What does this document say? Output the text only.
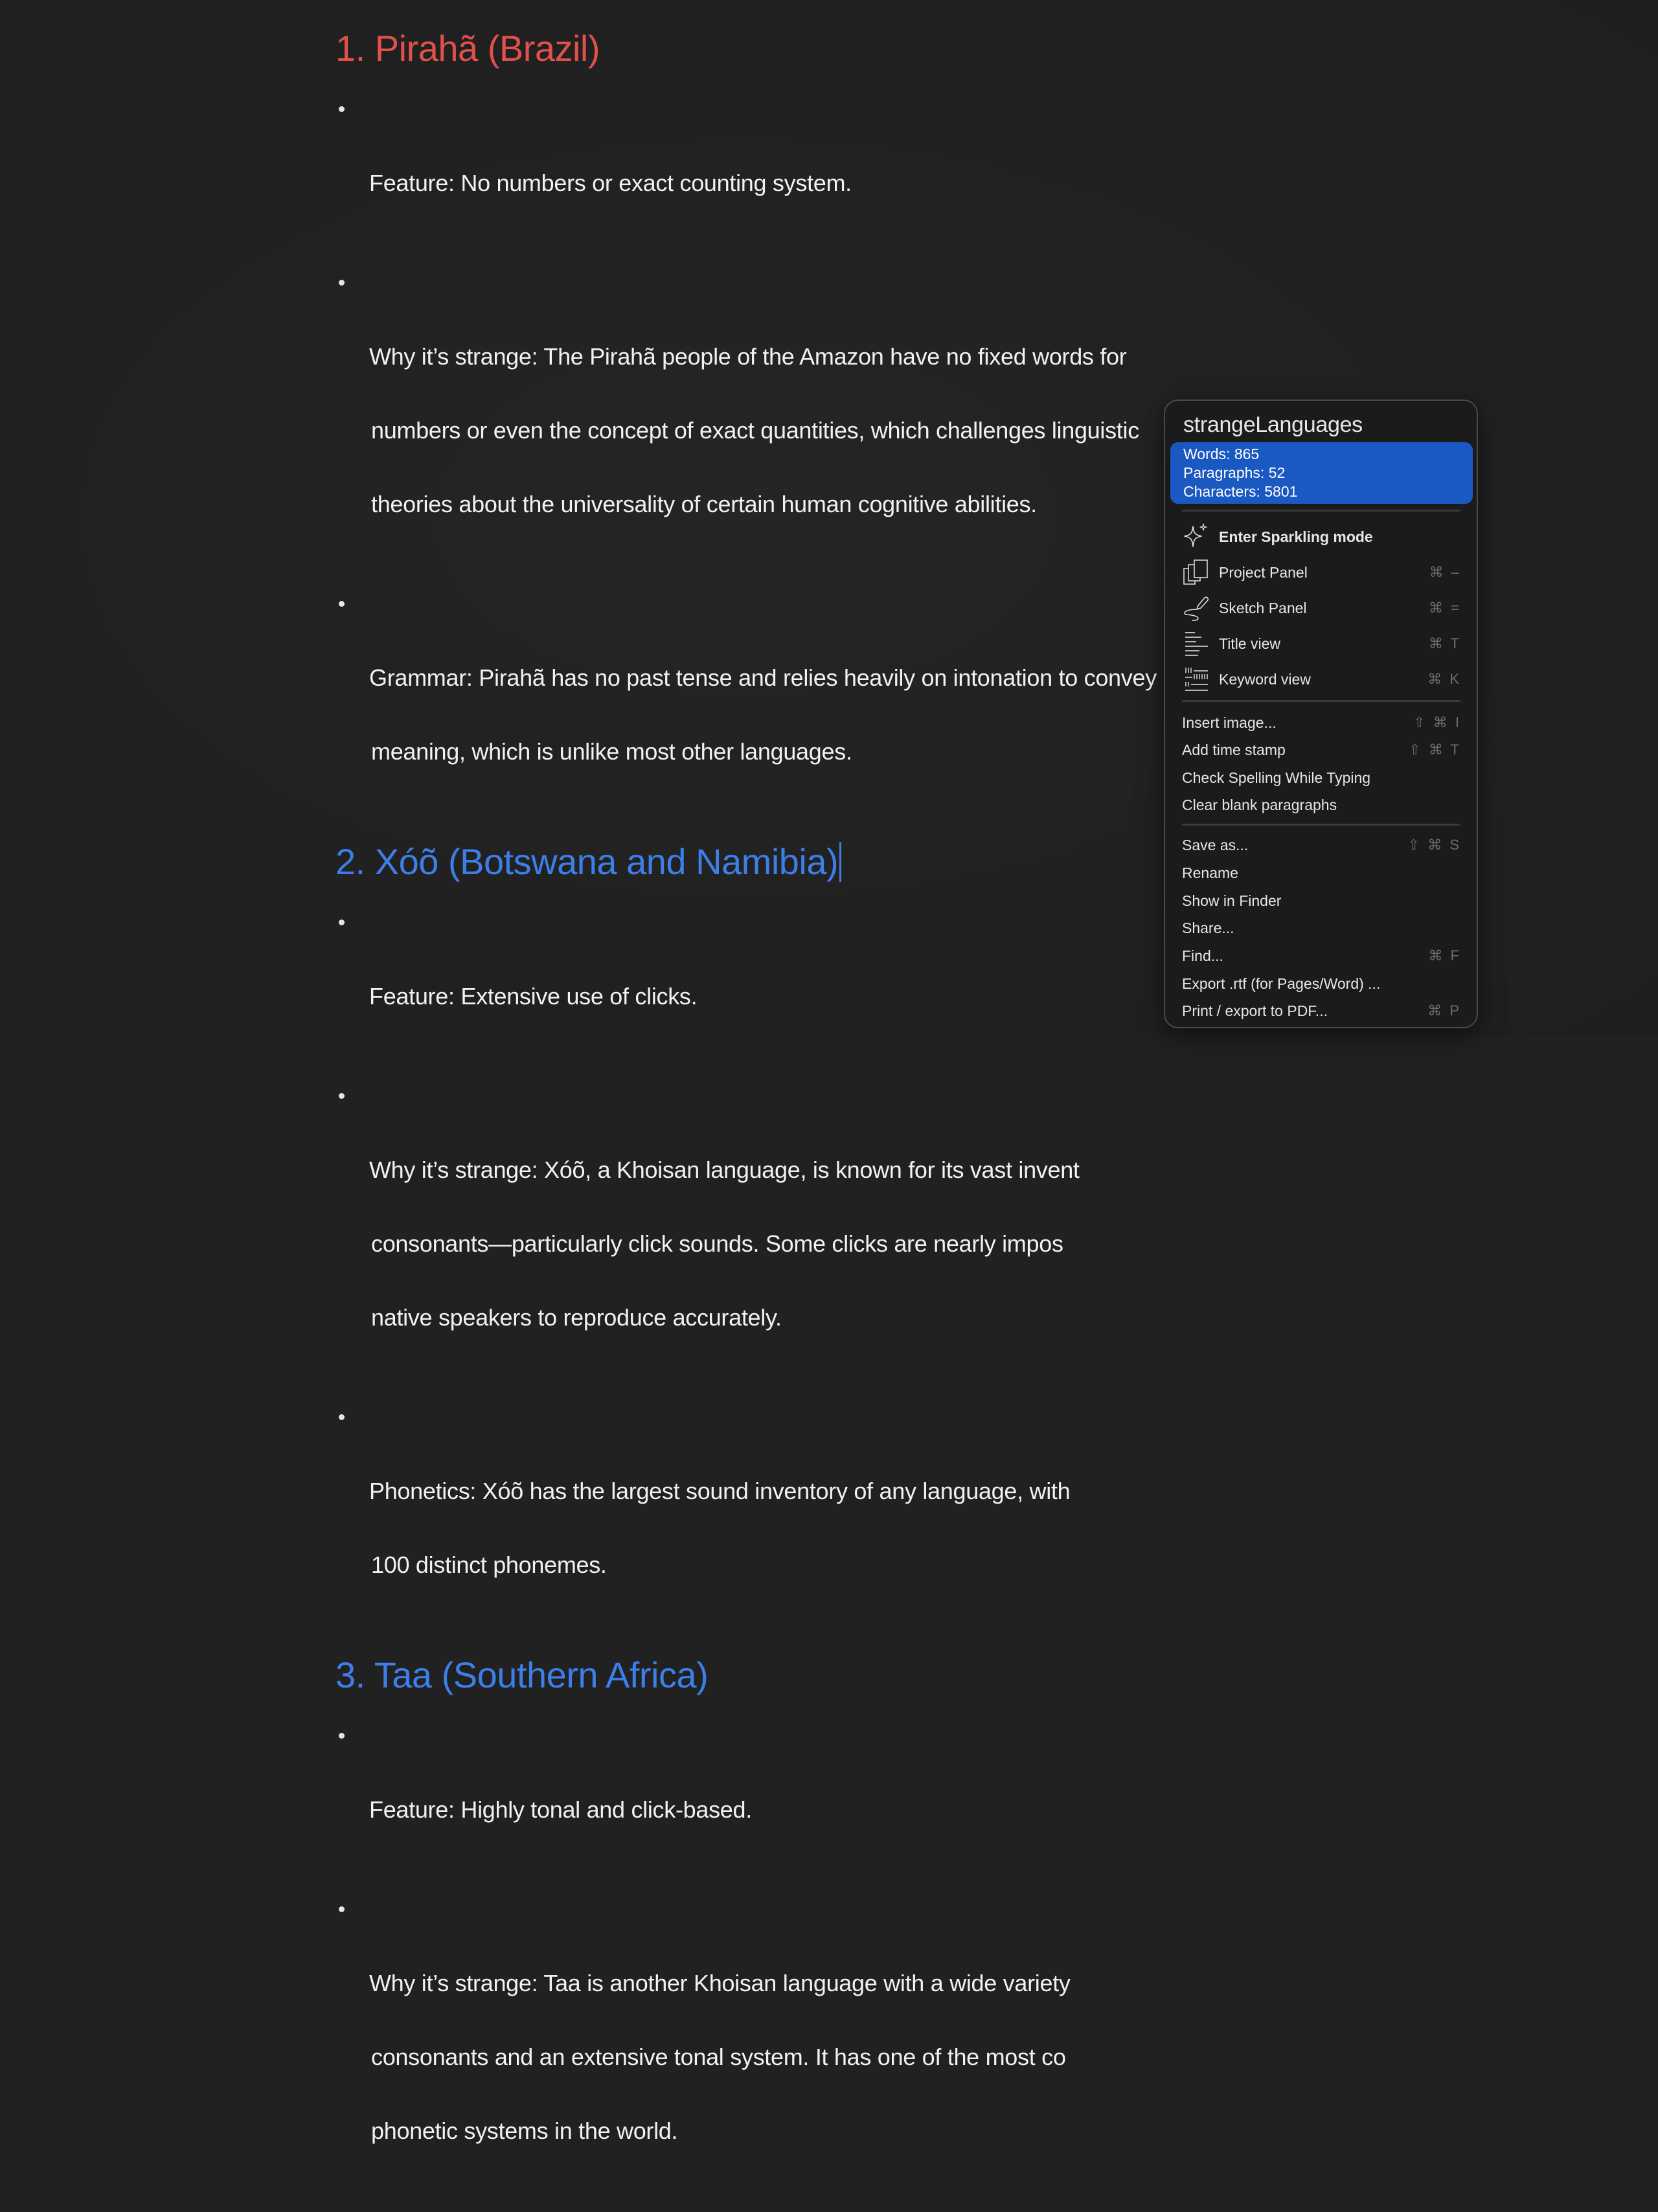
1. Pirahã (Brazil)

Feature: No numbers or exact counting system.

Why it’s strange: The Pirahã people of the Amazon have no fixed words for

numbers or even the concept of exact quantities, which challenges linguistic

theories about the universality of certain human cognitive abilities.

Grammar: Pirahã has no past tense and relies heavily on intonation to convey

meaning, which is unlike most other languages.

2. Xóõ (Botswana and Namibia)

Feature: Extensive use of clicks.

Why it’s strange: Xóõ, a Khoisan language, is known for its vast invent

consonants—particularly click sounds. Some clicks are nearly impos

native speakers to reproduce accurately.

Phonetics: Xóõ has the largest sound inventory of any language, with

100 distinct phonemes.

3. Taa (Southern Africa)

Feature: Highly tonal and click-based.

Why it’s strange: Taa is another Khoisan language with a wide variety

consonants and an extensive tonal system. It has one of the most co

phonetic systems in the world.

strangeLanguages
Words: 865
Paragraphs: 52
Characters: 5801
Enter Sparkling mode
Project Panel	⌘ –
Sketch Panel	⌘ =
Title view	⌘ T
Keyword view	⌘ K
Insert image...	⇧ ⌘ I
Add time stamp	⇧ ⌘ T
Check Spelling While Typing
Clear blank paragraphs
Save as...	⇧ ⌘ S
Rename
Show in Finder
Share...
Find...	⌘ F
Export .rtf (for Pages/Word) ...
Print / export to PDF...	⌘ P
